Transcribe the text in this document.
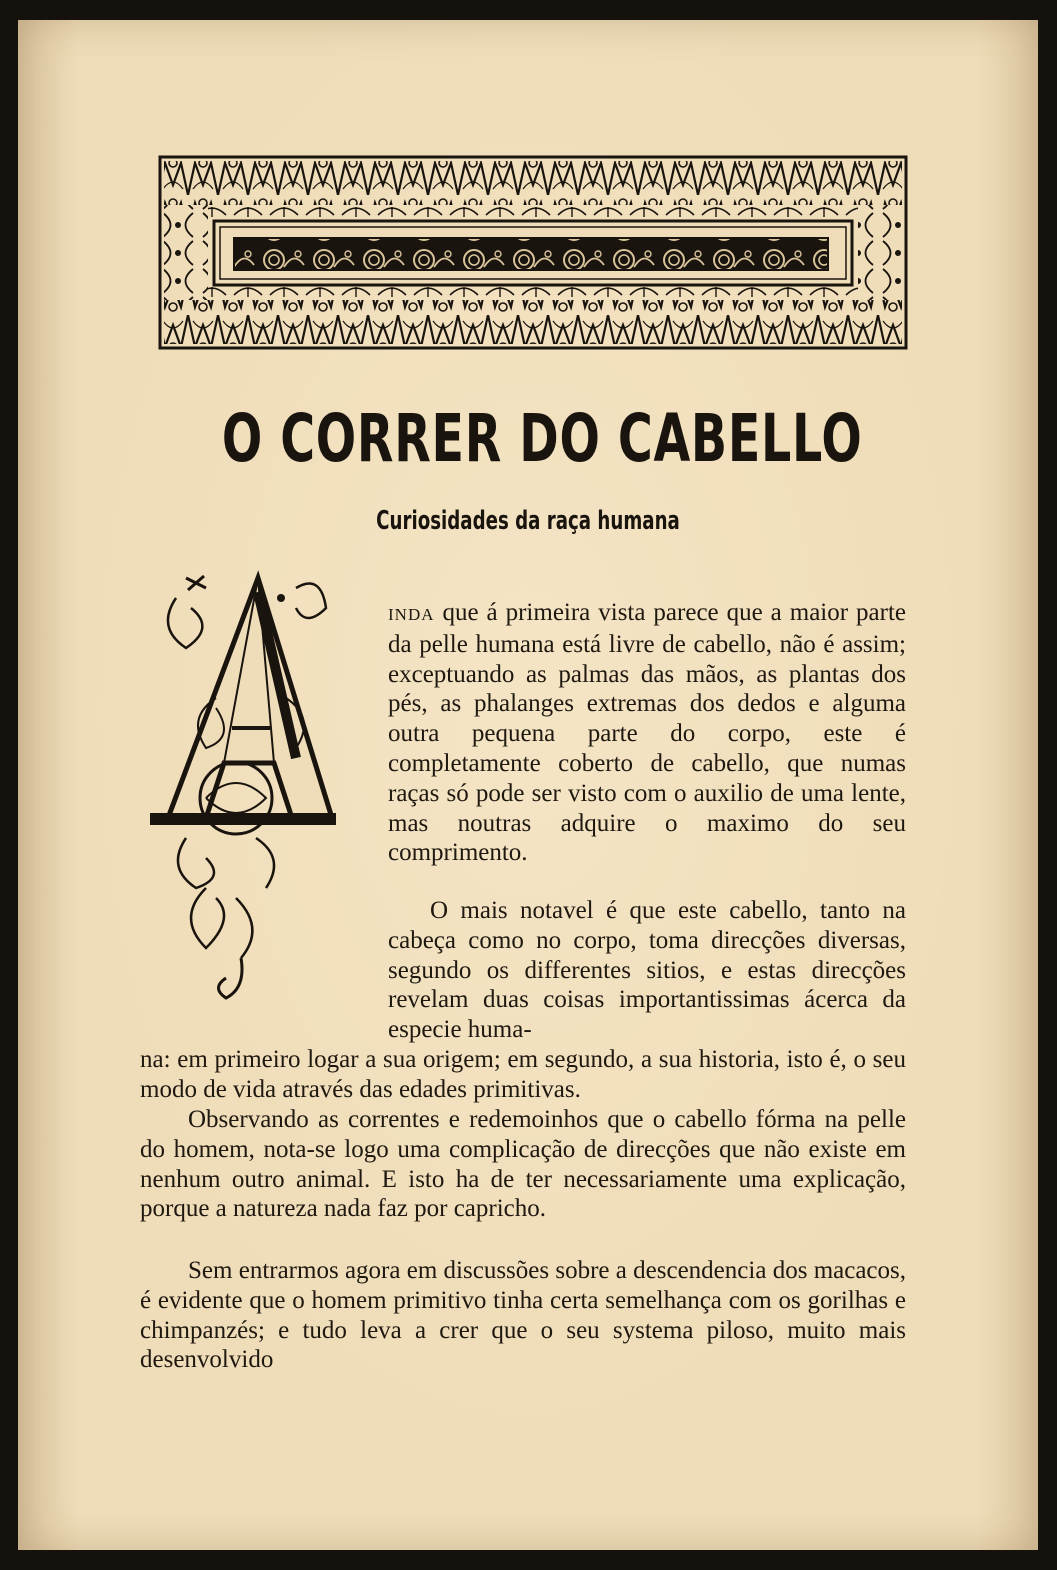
O CORRER DO CABELLO
Curiosidades da raça humana

INDA que á primeira vista parece que a maior parte da pelle humana está livre de cabello, não é assim; exceptuando as palmas das mãos, as plantas dos pés, as phalanges extremas dos dedos e alguma outra pequena parte do corpo, este é completamente coberto de cabello, que numas raças só pode ser visto com o auxilio de uma lente, mas noutras adquire o maximo do seu comprimento.

O mais notavel é que este cabello, tanto na cabeça como no corpo, toma direcções diversas, segundo os differentes sitios, e estas direcções revelam duas coisas importantissimas ácerca da especie huma-

na: em primeiro logar a sua origem; em segundo, a sua historia, isto é, o seu modo de vida através das edades primitivas.

Observando as correntes e redemoinhos que o cabello fórma na pelle do homem, nota-se logo uma complicação de direcções que não existe em nenhum outro animal. E isto ha de ter necessariamente uma explicação, porque a natureza nada faz por capricho.

Sem entrarmos agora em discussões sobre a descendencia dos macacos, é evidente que o homem primitivo tinha certa semelhança com os gorilhas e chimpanzés; e tudo leva a crer que o seu systema piloso, muito mais desenvolvido
